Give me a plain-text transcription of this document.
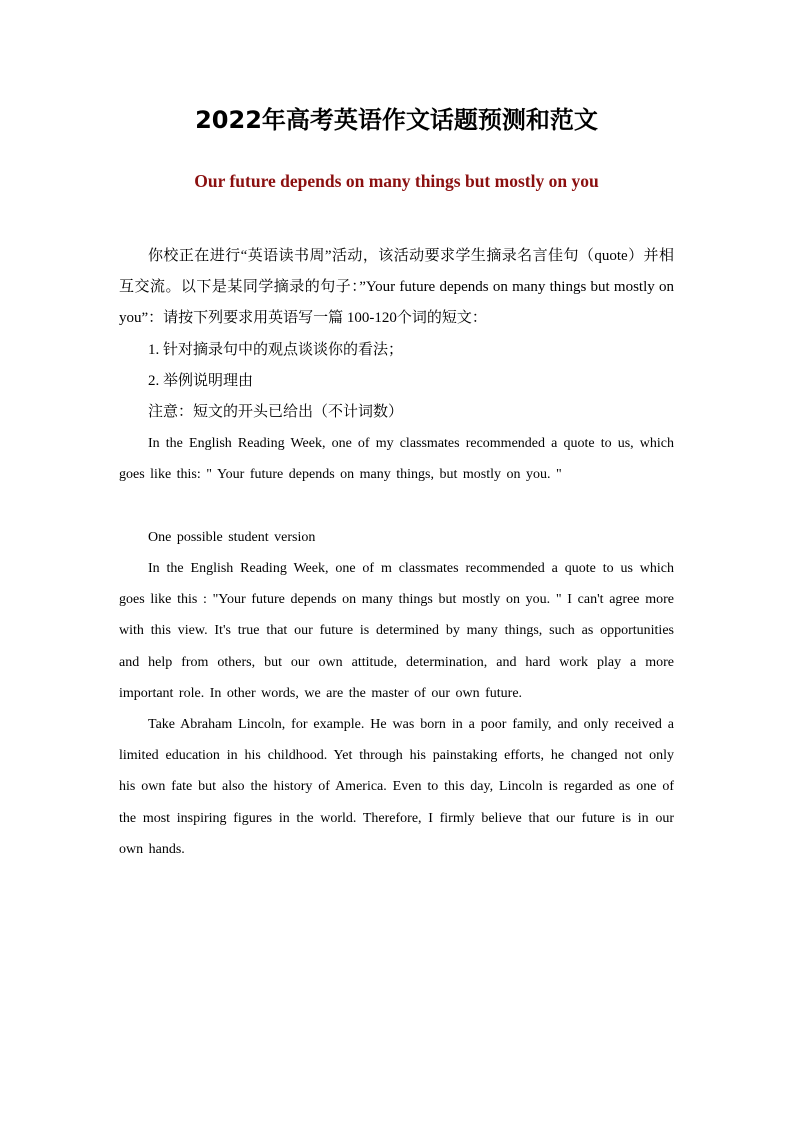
2022年高考英语作文话题预测和范文
Our future depends on many things but mostly on you

你校正在进行“英语读书周”活动，该活动要求学生摘录名言佳句（quote）并相互交流。以下是某同学摘录的句子：”Your future depends on many things but mostly on you”：请按下列要求用英语写一篇 100-120个词的短文：

1. 针对摘录句中的观点谈谈你的看法；

2. 举例说明理由

注意：短文的开头已给出（不计词数）

In the English Reading Week, one of my classmates recommended a quote to us, which goes like this: " Your future depends on many things, but mostly on you. "

One possible student version

In the English Reading Week, one of m classmates recommended a quote to us which goes like this : "Your future depends on many things but mostly on you. " I can't agree more with this view. It's true that our future is determined by many things, such as opportunities and help from others, but our own attitude, determination, and hard work play a more important role. In other words, we are the master of our own future.

Take Abraham Lincoln, for example. He was born in a poor family, and only received a limited education in his childhood. Yet through his painstaking efforts, he changed not only his own fate but also the history of America. Even to this day, Lincoln is regarded as one of the most inspiring figures in the world. Therefore, I firmly believe that our future is in our own hands.
